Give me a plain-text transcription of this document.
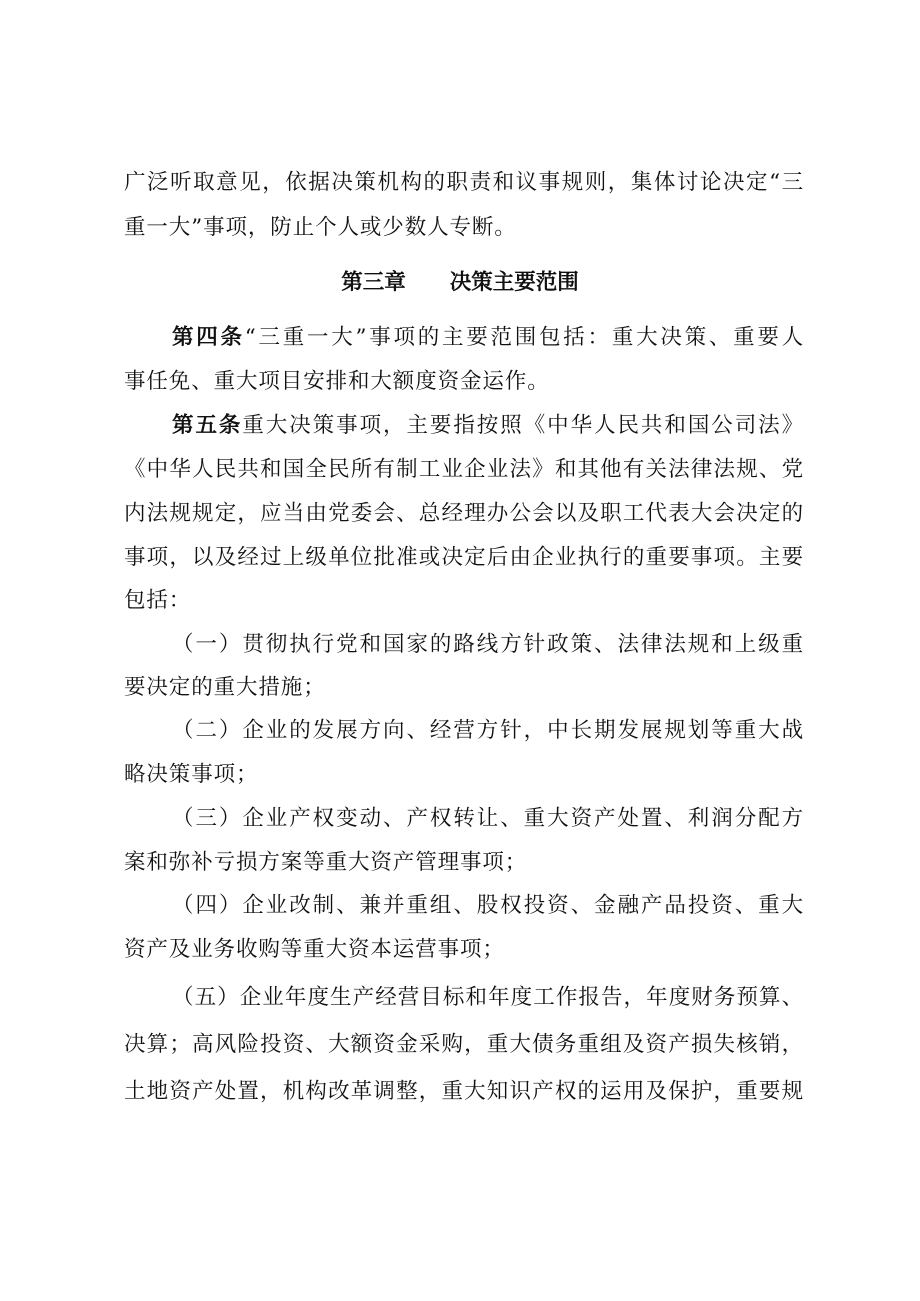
广泛听取意见，依据决策机构的职责和议事规则，集体讨论决定“三
重一大”事项，防止个人或少数人专断。
第三章 决策主要范围
第四条“三重一大”事项的主要范围包括：重大决策、重要人
事任免、重大项目安排和大额度资金运作。
第五条重大决策事项，主要指按照《中华人民共和国公司法》
《中华人民共和国全民所有制工业企业法》和其他有关法律法规、党
内法规规定，应当由党委会、总经理办公会以及职工代表大会决定的
事项，以及经过上级单位批准或决定后由企业执行的重要事项。主要
包括：
（一）贯彻执行党和国家的路线方针政策、法律法规和上级重
要决定的重大措施；
（二）企业的发展方向、经营方针，中长期发展规划等重大战
略决策事项；
（三）企业产权变动、产权转让、重大资产处置、利润分配方
案和弥补亏损方案等重大资产管理事项；
（四）企业改制、兼并重组、股权投资、金融产品投资、重大
资产及业务收购等重大资本运营事项；
（五）企业年度生产经营目标和年度工作报告，年度财务预算、
决算；高风险投资、大额资金采购，重大债务重组及资产损失核销，
土地资产处置，机构改革调整，重大知识产权的运用及保护，重要规
